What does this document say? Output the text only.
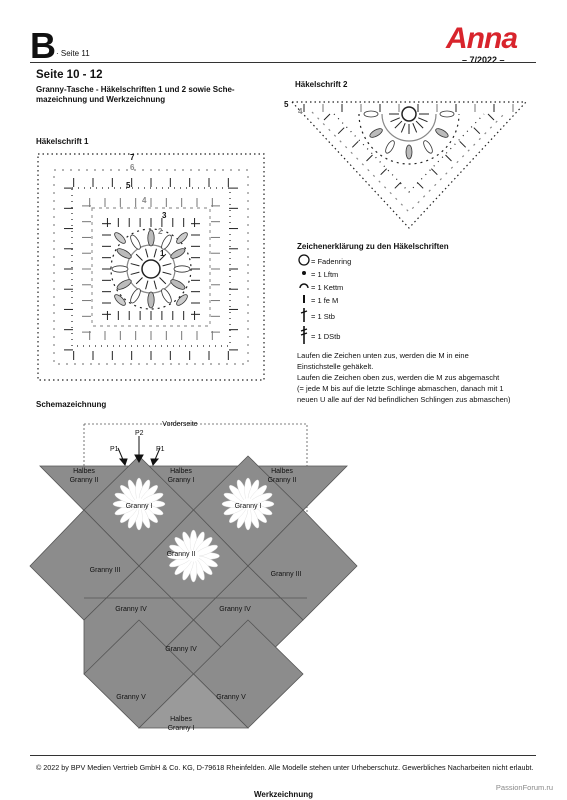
B · Seite 11	Anna
– 7/2022 –
Seite 10 - 12
Granny-Tasche - Häkelschriften 1 und 2 sowie Sche-
mazeichnung und Werkzeichnung
Häkelschrift 1
Häkelschrift 2
Schemazeichnung
7
6
5
4
3
2
1
5
4
Zeichenerklärung zu den Häkelschriften
= Fadenring
= 1 Lftm
= 1 Kettm
= 1 fe M
= 1 Stb
= 1 DStb

Laufen die Zeichen unten zus, werden die M in eine

Einstichstelle gehäkelt.

Laufen die Zeichen oben zus, werden die M zus abgemascht

(= jede M bis auf die letzte Schlinge abmaschen, danach mit 1

neuen U alle auf der Nd befindlichen Schlingen zus abmaschen)

Vorderseite
P2
P1	P1
Halbes
Granny II
Halbes
Granny I
Halbes
Granny II
Granny I	Granny I
Granny II
Granny III
Granny III
Granny IV	Granny IV
Granny IV
Granny V	Granny V
Halbes
Granny I
© 2022 by BPV Medien Vertrieb GmbH & Co. KG, D-79618 Rheinfelden. Alle Modelle stehen unter Urheberschutz. Gewerbliches Nacharbeiten nicht erlaubt.
PassionForum.ru
Werkzeichnung
